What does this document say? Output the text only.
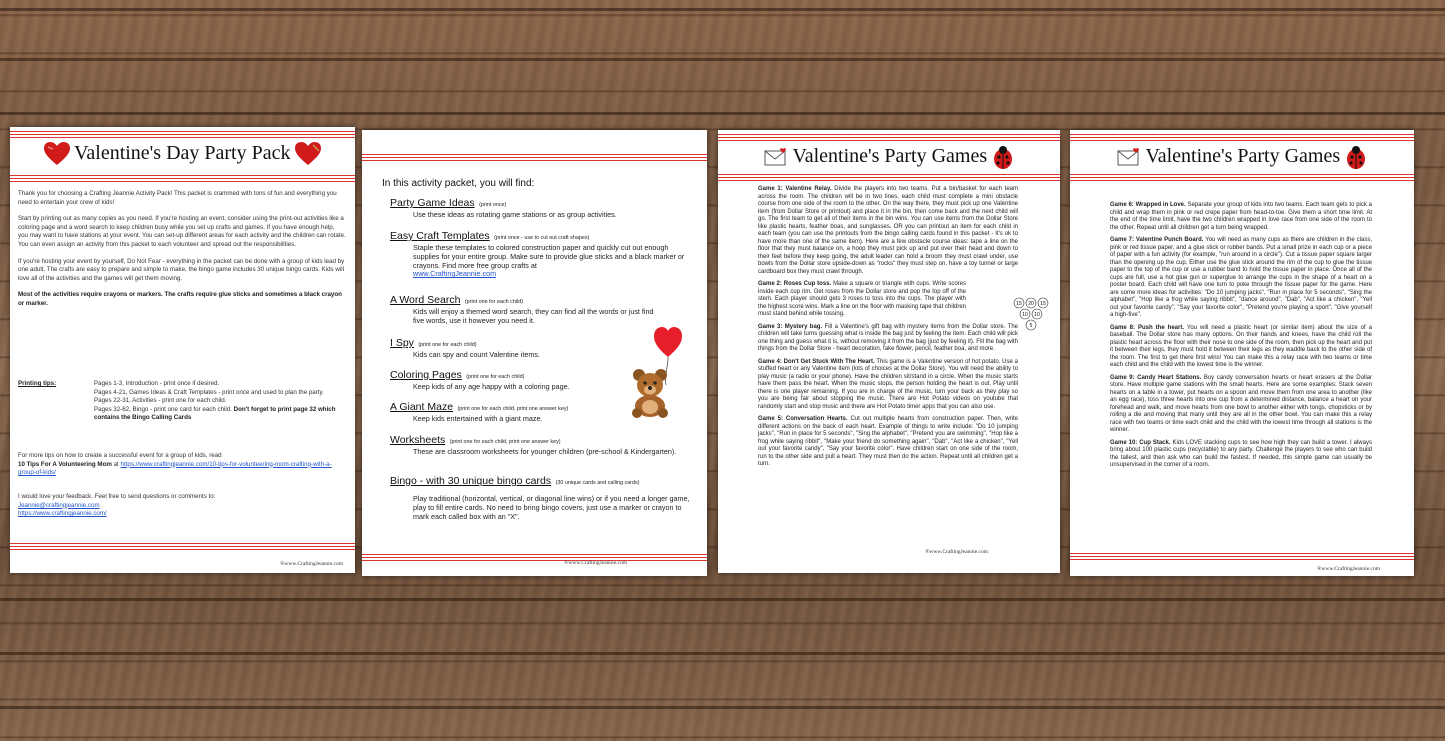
Valentine's Day Party Pack

Thank you for choosing a Crafting Jeannie Activity Pack! This packet is crammed with tons of fun and everything you need to entertain your crew of kids!

Start by printing out as many copies as you need. If you're hosting an event, consider using the print-out activities like a coloring page and a word search to keep children busy while you set up crafts and games. If you have enough help, you may want to have stations at your event. You can set-up different areas for each activity and the children can rotate. You can even assign an activity from this packet to each volunteer and spread out the responsibilities.

If you're hosting your event by yourself, Do Not Fear - everything in the packet can be done with a group of kids lead by one adult. The crafts are easy to prepare and simple to make, the bingo game includes 30 unique bingo cards. Kids will love all of the activities and the games will get them moving.

Most of the activities require crayons or markers. The crafts require glue sticks and sometimes a black crayon or marker.

Printing tips:	Pages 1-3, Introduction - print once if desired.
Pages 4-21, Games Ideas & Craft Templates - print once and used to plan the party.
Pages 22-31, Activities - print one for each child.
Pages 32-62, Bingo - print one card for each child. Don't forget to print page 32 which contains the Bingo Calling Cards
For more tips on how to create a successful event for a group of kids, read
10 Tips For A Volunteering Mom at https://www.craftingjeannie.com/10-tips-for-volunteering-mom-crafting-with-a-group-of-kids/
I would love your feedback. Feel free to send questions or comments to:
Jeannie@craftingjeannie.com
https://www.craftingjeannie.com/
®www.CraftingJeannie.com
In this activity packet, you will find:
Party Game Ideas (print once)
Use these ideas as rotating game stations or as group activities.
Easy Craft Templates (print once - use to cut out craft shapes)
Staple these templates to colored construction paper and quickly cut out enough supplies for your entire group. Make sure to provide glue sticks and a black marker or crayons. Find more free group crafts at
www.CraftingJeannie.com
A Word Search (print one for each child)
Kids will enjoy a themed word search, they can find all the words or just find five words, use it however you need it.
I Spy (print one for each child)
Kids can spy and count Valentine items.
Coloring Pages (print one for each child)
Keep kids of any age happy with a coloring page.
A Giant Maze (print one for each child, print one answer key)
Keep kids entertained with a giant maze.
Worksheets (print one for each child, print one answer key)
These are classroom worksheets for younger children (pre-school & Kindergarten).
Bingo - with 30 unique bingo cards (30 unique cards and calling cards)
Play traditional (horizontal, vertical, or diagonal line wins) or if you need a longer game, play to fill entire cards. No need to bring bingo covers, just use a marker or crayon to mark each called box with an "X".
®www.CraftingJeannie.com
Valentine's Party Games

Game 1: Valentine Relay. Divide the players into two teams. Put a bin/basket for each team across the room. The children will be in two lines, each child must complete a mini obstacle course from one side of the room to the other. On the way there, they must pick up one Valentine item (from Dollar Store or printout) and place it in the bin, then come back and the next child will go. The first team to get all of their items in the bin wins. You can use items from the Dollar Store like plastic hearts, feather boas, and sunglasses. OR you can printout an item for each child in each team (you can use the printouts from the bingo calling cards found in this packet - It's ok to have more than one of the same item). Here are a few obstacle course ideas: tape a line on the floor that they must balance on, a hoop they must pick up and put over their head and down to their feet before they keep going, the adult leader can hold a broom they must crawl under, use bowls from the Dollar store upside-down as "rocks" they must step on, have a toy tunnel or large cardboard box they must crawl through.

Game 2: Roses Cup toss. Make a square or triangle with cups. Write scores inside each cup rim. Get roses from the Dollar store and pop the top off of the stem. Each player should gets 3 roses to toss into the cups. The player with the highest score wins. Mark a line on the floor with masking tape that children must stand behind while tossing.

Game 3: Mystery bag. Fill a Valentine's gift bag with mystery items from the Dollar store. The children will take turns guessing what is inside the bag just by feeling the item. Each child will pick one thing and guess what it is, without removing it from the bag (just by feeling it). Fill the bag with things from the Dollar Store - heart decoration, fake flower, pencil, feather boa, and more.

Game 4: Don't Get Stuck With The Heart. This game is a Valentine version of hot potato. Use a stuffed heart or any Valentine item (lots of choices at the Dollar Store). You will need the ability to play music (a radio or your phone). Have the children sit/stand in a circle. When the music starts have them pass the heart. When the music stops, the person holding the heart is out. Play until there is one player remaining. If you are in charge of the music, turn your back as they play so you are being fair about stopping the music. There are Hot Potato videos on youtube that randomly start and stop music and there are Hot Potato timer apps that you can also use.

Game 5: Conversation Hearts. Cut out multiple hearts from construction paper. Then, write different actions on the back of each heart. Example of things to write include: "Do 10 jumping jacks", "Run in place for 5 seconds", "Sing the alphabet", "Pretend you are swimming", "Hop like a frog while saying ribbit", "Make your friend do something again", "Dab", "Act like a chicken", "Yell out your favorite candy", "Say your favorite color". Have children start on one side of the room, run to the other side and pull a heart. They must then do the action. Repeat until all children get a turn.

15 20 15
10 10
5
®www.CraftingJeannie.com
Valentine's Party Games

Game 6: Wrapped in Love. Separate your group of kids into two teams. Each team gets to pick a child and wrap them in pink or red crepe paper from head-to-toe. Give them a short time limit. At the end of the time limit, have the two children wrapped in love race from one side of the room to the other. Repeat until all children get a turn being wrapped.

Game 7: Valentine Punch Board. You will need as many cups as there are children in the class, pink or red tissue paper, and a glue stick or rubber bands. Put a small prize in each cup or a piece of paper with a fun activity (for example, "run around in a circle"). Cut a tissue paper square larger than the opening up the cup. Either use the glue stick around the rim of the cup to glue the tissue paper to the top of the cup or use a rubber band to hold the tissue paper in place. Once all of the cups are full, use a hot glue gun or superglue to arrange the cups in the shape of a heart on a poster board. Each child will have one turn to poke through the tissue paper for the game. Here are some more ideas for activities: "Do 10 jumping jacks", "Run in place for 5 seconds", "Sing the alphabet", "Hop like a frog while saying ribbit", "dance around", "Dab", "Act like a chicken", "Yell out your favorite candy", "Say your favorite color", "Pretend you're playing a sport", "Give yourself a high-five".

Game 8: Push the heart. You will need a plastic heart (or similar item) about the size of a baseball. The Dollar store has many options. On their hands and knees, have the child roll the plastic heart across the floor with their nose to one side of the room, then pick up the heart and put it between their legs, they must hold it between their legs as they waddle back to the other side of the room. The first to get there first wins! You can make this a relay race with two teams or time each child and the child with the lowest time is the winner.

Game 9: Candy Heart Stations. Buy candy conversation hearts or heart erasers at the Dollar store. Have multiple game stations with the small hearts. Here are some examples: Stack seven hearts on a table in a tower, put hearts on a spoon and move them from one area to another (like an egg race), toss three hearts into one cup from a determined distance, balance a heart on your forehead and walk, and move hearts from one bowl to another either with tongs, chopsticks or by rolling a die and moving that many until they are all in the other bowl. You can make this a relay race with two teams or time each child and the child with the lowest time through all stations is the winner.

Game 10: Cup Stack. Kids LOVE stacking cups to see how high they can build a tower. I always bring about 100 plastic cups (recyclable) to any party. Challenge the players to see who can build the tallest, and then ask who can build the fastest. If needed, this simple game can usually be unsupervised in the corner of a room.

®www.CraftingJeannie.com
